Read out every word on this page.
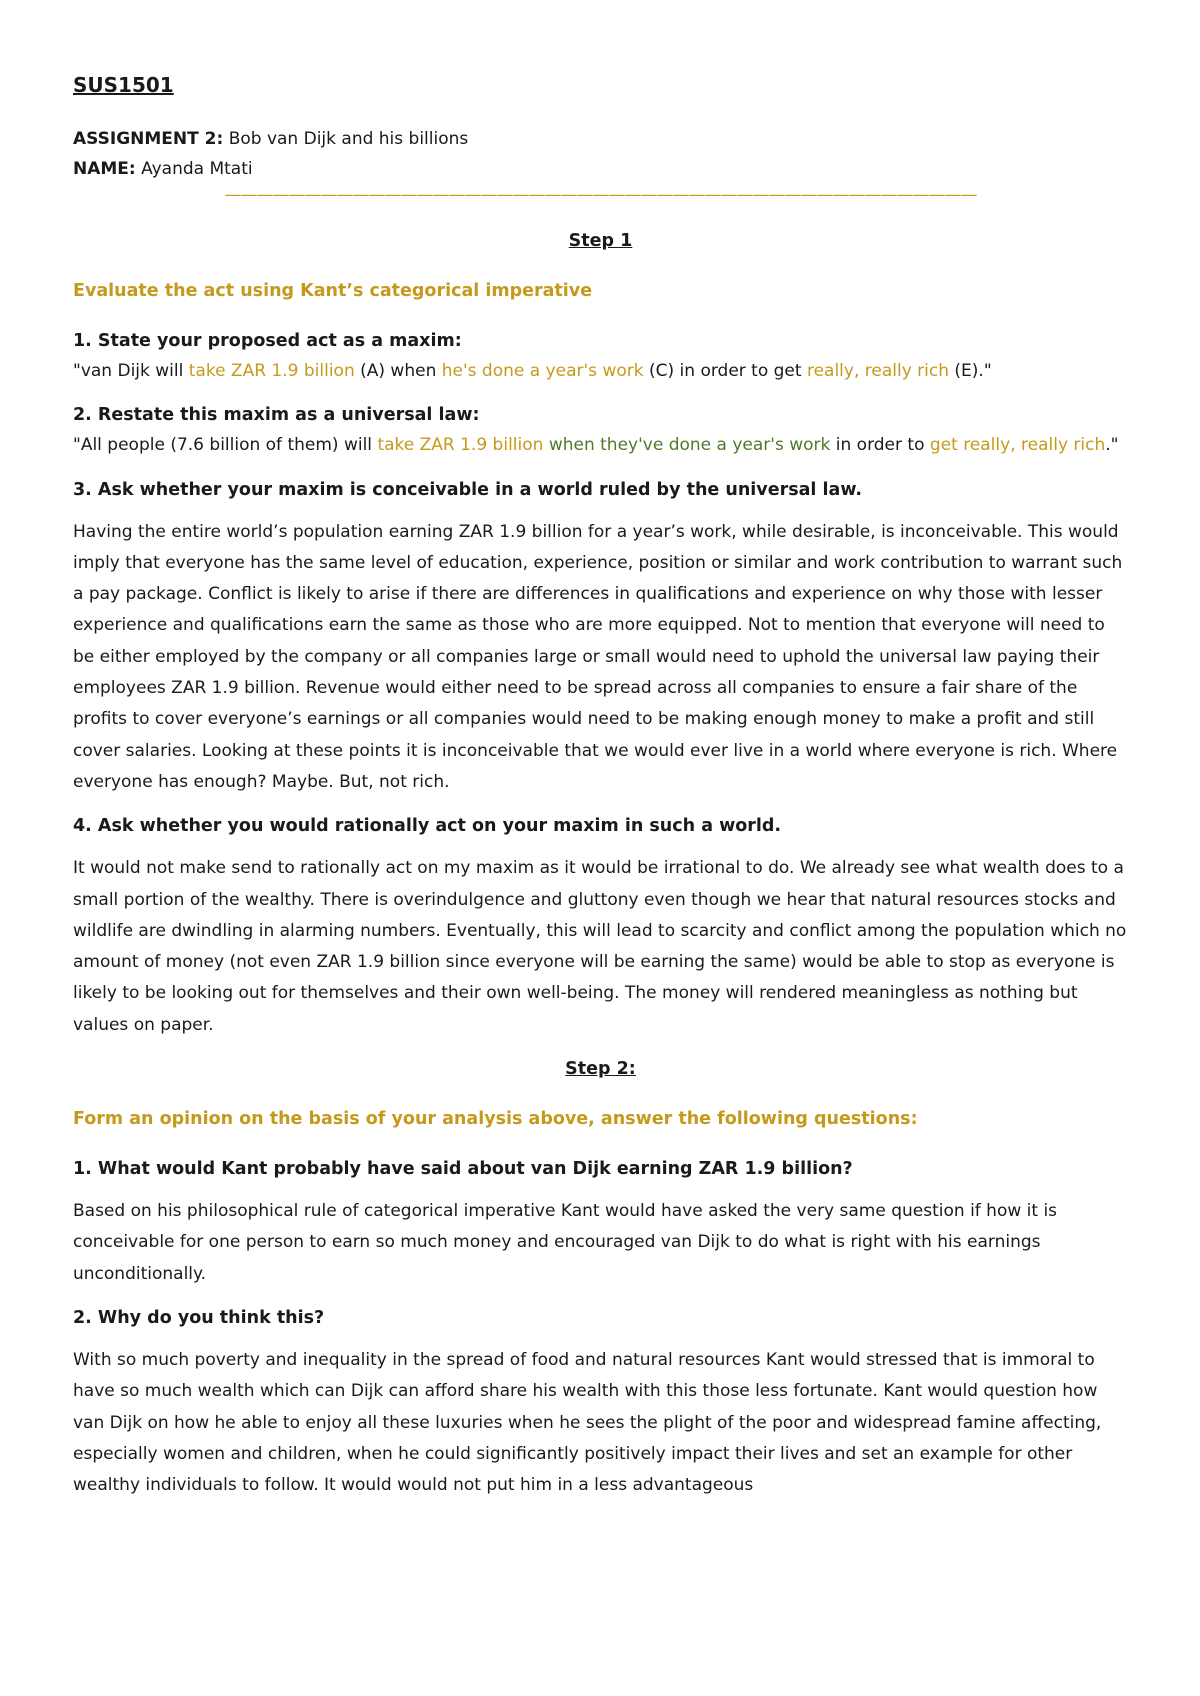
SUS1501

ASSIGNMENT 2: Bob van Dijk and his billions

NAME: Ayanda Mtati

———————————————————————————————————————————————

Step 1

Evaluate the act using Kant’s categorical imperative

1. State your proposed act as a maxim:

"van Dijk will take ZAR 1.9 billion (A) when he's done a year's work (C) in order to get really, really rich (E)."

2. Restate this maxim as a universal law:

"All people (7.6 billion of them) will take ZAR 1.9 billion when they've done a year's work in order to get really, really rich."

3. Ask whether your maxim is conceivable in a world ruled by the universal law.

Having the entire world’s population earning ZAR 1.9 billion for a year’s work, while desirable, is inconceivable. This would imply that everyone has the same level of education, experience, position or similar and work contribution to warrant such a pay package. Conflict is likely to arise if there are differences in qualifications and experience on why those with lesser experience and qualifications earn the same as those who are more equipped. Not to mention that everyone will need to be either employed by the company or all companies large or small would need to uphold the universal law paying their employees ZAR 1.9 billion. Revenue would either need to be spread across all companies to ensure a fair share of the profits to cover everyone’s earnings or all companies would need to be making enough money to make a profit and still cover salaries. Looking at these points it is inconceivable that we would ever live in a world where everyone is rich. Where everyone has enough? Maybe. But, not rich.

4. Ask whether you would rationally act on your maxim in such a world.

It would not make send to rationally act on my maxim as it would be irrational to do. We already see what wealth does to a small portion of the wealthy. There is overindulgence and gluttony even though we hear that natural resources stocks and wildlife are dwindling in alarming numbers. Eventually, this will lead to scarcity and conflict among the population which no amount of money (not even ZAR 1.9 billion since everyone will be earning the same) would be able to stop as everyone is likely to be looking out for themselves and their own well-being. The money will rendered meaningless as nothing but values on paper.

Step 2:

Form an opinion on the basis of your analysis above, answer the following questions:

1. What would Kant probably have said about van Dijk earning ZAR 1.9 billion?

Based on his philosophical rule of categorical imperative Kant would have asked the very same question if how it is conceivable for one person to earn so much money and encouraged van Dijk to do what is right with his earnings unconditionally.

2. Why do you think this?

With so much poverty and inequality in the spread of food and natural resources Kant would stressed that is immoral to have so much wealth which can Dijk can afford share his wealth with this those less fortunate. Kant would question how van Dijk on how he able to enjoy all these luxuries when he sees the plight of the poor and widespread famine affecting, especially women and children, when he could significantly positively impact their lives and set an example for other wealthy individuals to follow. It would would not put him in a less advantageous
